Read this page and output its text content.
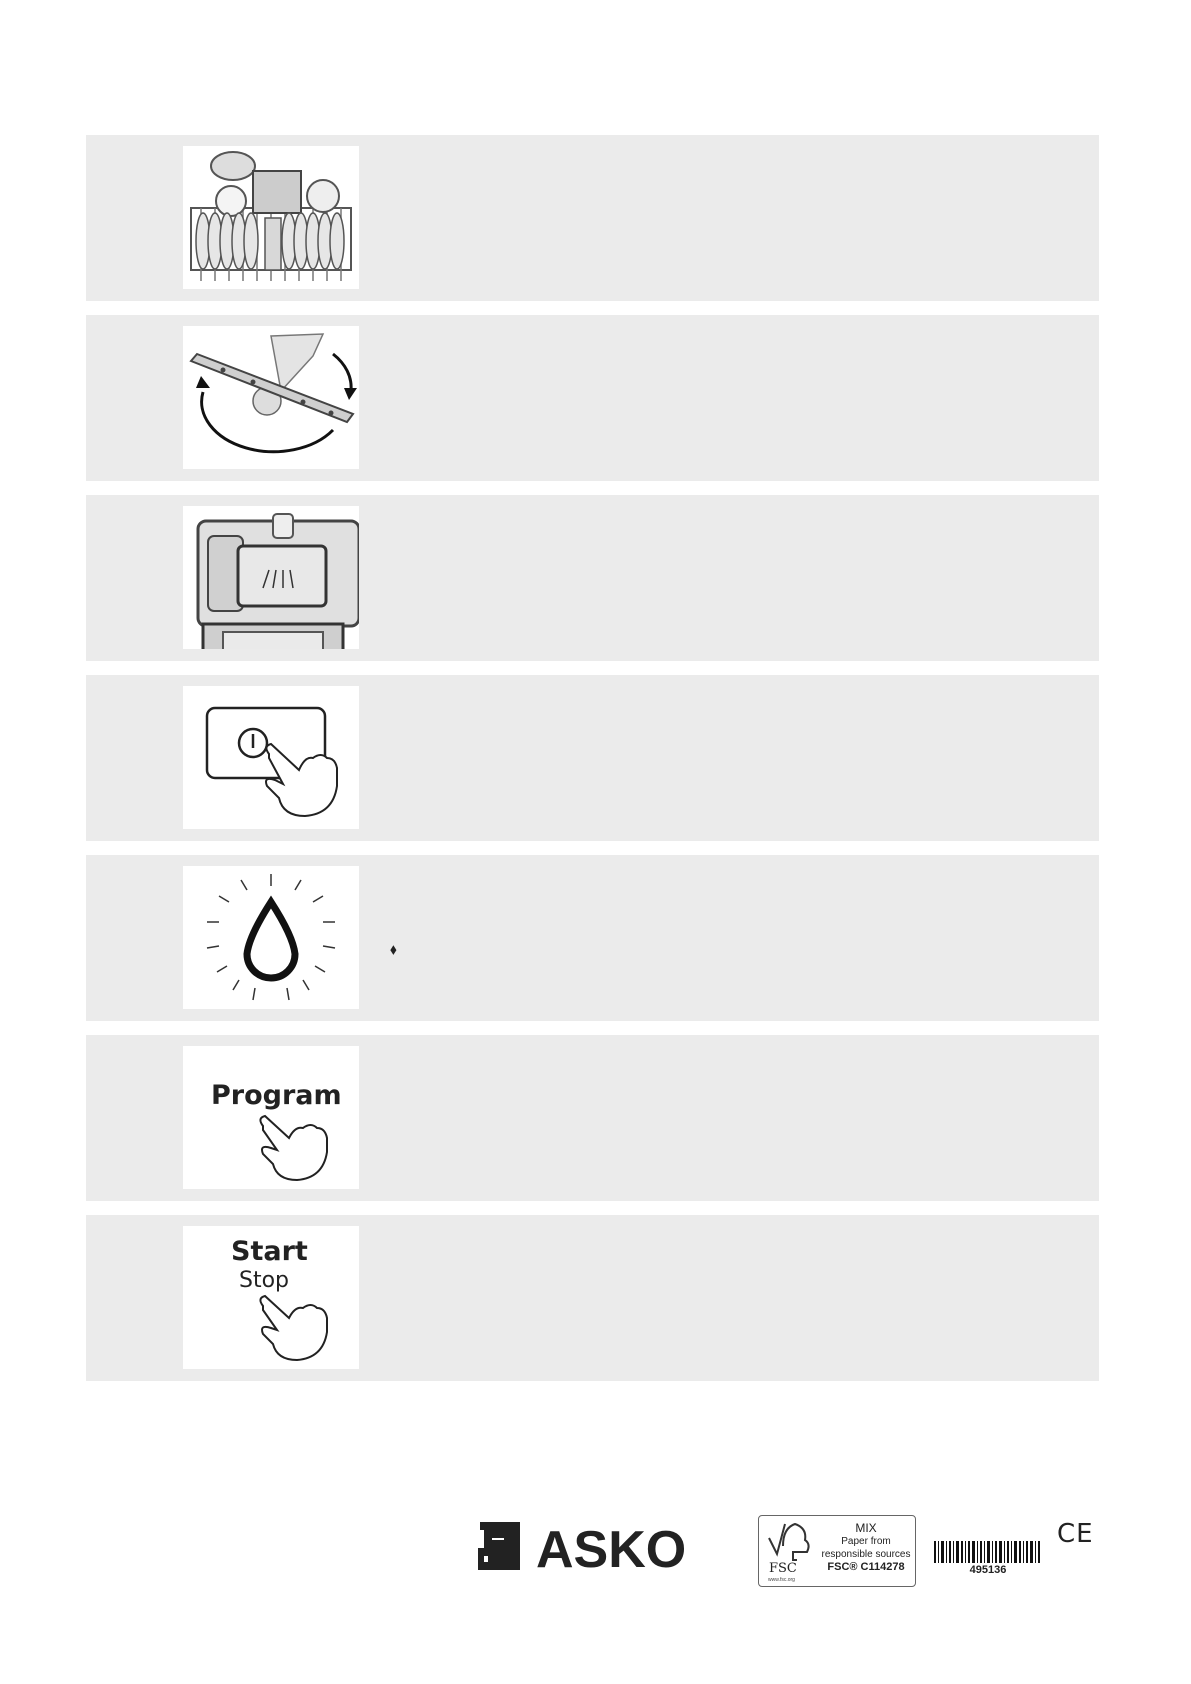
⬧
Program
Start
Stop
ASKO	FSC
www.fsc.org
MIX
Paper from
responsible sources
FSC® C114278	495136
CE
